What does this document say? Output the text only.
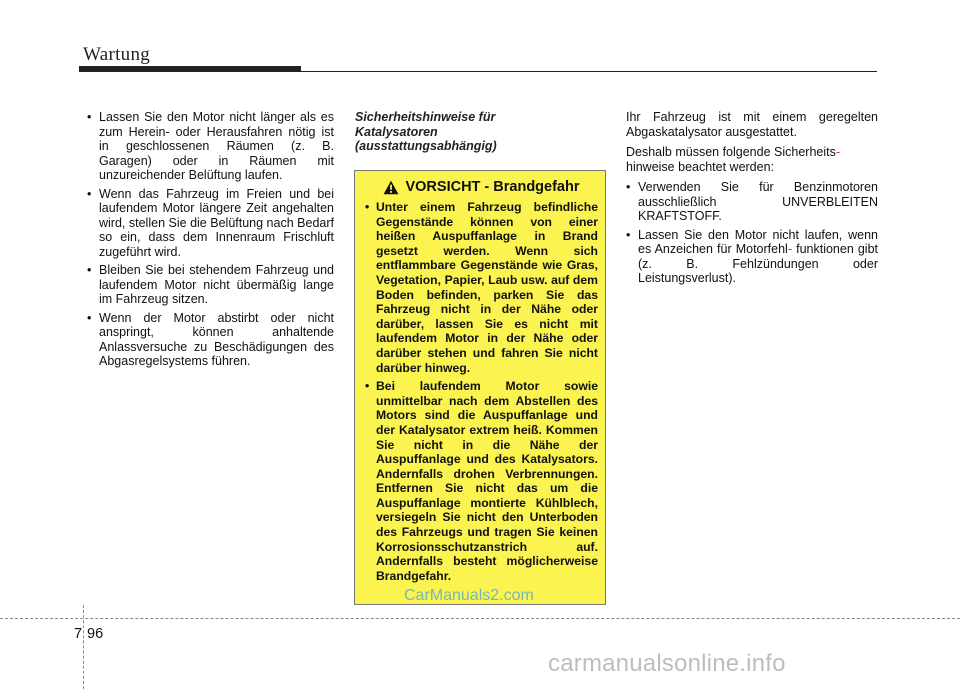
Wartung
• Lassen Sie den Motor nicht länger als es zum Herein- oder Herausfahren nötig ist in geschlossenen Räumen (z. B. Garagen) oder in Räumen mit unzureichender Belüftung laufen.
• Wenn das Fahrzeug im Freien und bei laufendem Motor längere Zeit angehalten wird, stellen Sie die Belüftung nach Bedarf so ein, dass dem Innenraum Frischluft zugeführt wird.
• Bleiben Sie bei stehendem Fahrzeug und laufendem Motor nicht übermäßig lange im Fahrzeug sitzen.
• Wenn der Motor abstirbt oder nicht anspringt, können anhaltende Anlassversuche zu Beschädigungen des Abgasregelsystems führen.
Sicherheitshinweise für
Katalysatoren
(ausstattungsabhängig)
VORSICHT - Brandgefahr
• Unter einem Fahrzeug befindliche Gegenstände können von einer heißen Auspuffanlage in Brand gesetzt werden. Wenn sich entflammbare Gegenstände wie Gras, Vegetation, Papier, Laub usw. auf dem Boden befinden, parken Sie das Fahrzeug nicht in der Nähe oder darüber, lassen Sie es nicht mit laufendem Motor in der Nähe oder darüber stehen und fahren Sie nicht darüber hinweg.
• Bei laufendem Motor sowie unmittelbar nach dem Abstellen des Motors sind die Auspuffanlage und der Katalysator extrem heiß. Kommen Sie nicht in die Nähe der Auspuffanlage und des Katalysators. Andernfalls drohen Verbrennungen. Entfernen Sie nicht das um die Auspuffanlage montierte Kühlblech, versiegeln Sie nicht den Unterboden des Fahrzeugs und tragen Sie keinen Korrosionsschutzanstrich auf. Andernfalls besteht möglicherweise Brandgefahr.
CarManuals2.com

Ihr Fahrzeug ist mit einem geregelten Abgaskatalysator ausgestattet.

Deshalb müssen folgende Sicherheits-
hinweise beachtet werden:

• Verwenden Sie für Benzinmotoren ausschließlich UNVERBLEITEN KRAFTSTOFF.
• Lassen Sie den Motor nicht laufen, wenn es Anzeichen für Motorfehl- funktionen gibt (z. B. Fehlzündungen oder Leistungsverlust).
7 96
carmanualsonline.info
